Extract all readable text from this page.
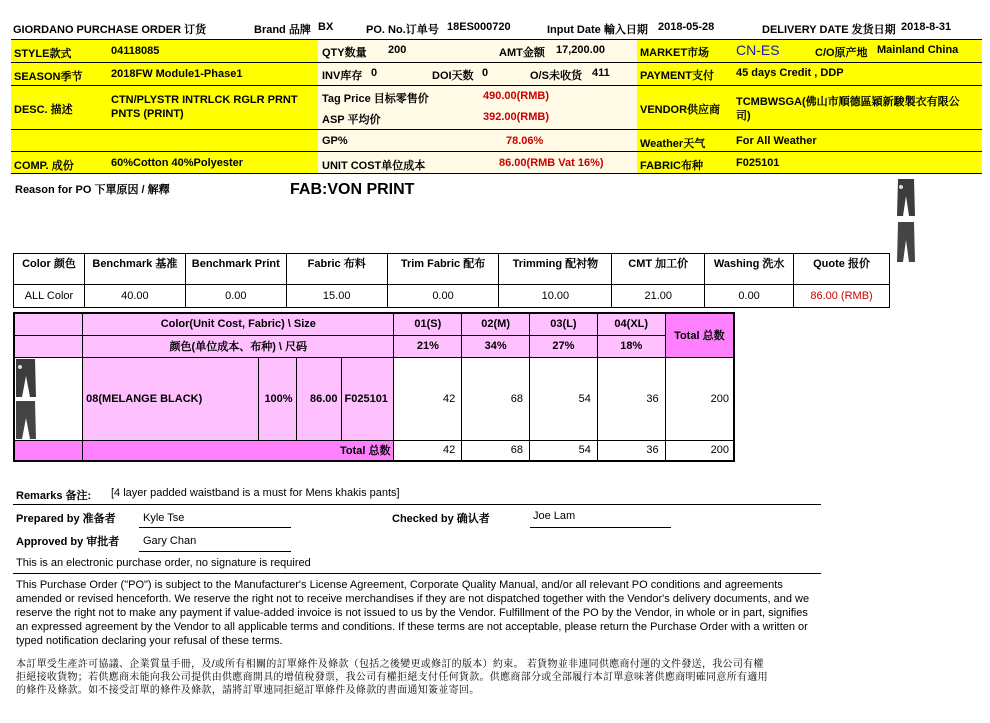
GIORDANO PURCHASE ORDER 订货	Brand 品牌 BX	PO. No.订单号 18ES000720	Input Date 輸入日期 2018-05-28	DELIVERY DATE 发货日期 2018-8-31
STYLE款式	04118085
SEASON季节	2018FW Module1-Phase1
DESC. 描述
CTN/PLYSTR INTRLCK RGLR PRNT
PNTS (PRINT)
COMP. 成份	60%Cotton 40%Polyester
QTY数量 200	AMT金额 17,200.00
INV库存 0	DOI天数 0	O/S未收货 411
Tag Price 目标零售价	490.00(RMB)
ASP 平均价	392.00(RMB)
GP%	78.06%
UNIT COST单位成本	86.00(RMB Vat 16%)
MARKET市场 CN-ES	C/O原产地 Mainland China
PAYMENT支付 45 days Credit , DDP
VENDOR供应商
TCMBWSGA(佛山市順德區穎新駿製衣有限公
司)
Weather天气	For All Weather
FABRIC布种	F025101
Reason for PO 下單原因 / 解釋	FAB:VON PRINT
Color 颜色	Benchmark 基准	Benchmark Print	Fabric 布料	Trim Fabric 配布	Trimming 配衬物	CMT 加工价	Washing 洗水	Quote 报价
ALL Color	40.00	0.00	15.00	0.00	10.00	21.00	0.00	86.00 (RMB)
	Color(Unit Cost, Fabric) \ Size				01(S)	02(M)	03(L)	04(XL)	Total 总数
	颜色(单位成本、布种) \ 尺码				21%	34%	27%	18%	

	08(MELANGE BLACK)	100%	86.00	F025101	42	68	54	36	200
	Total 总数				42	68	54	36	200
Remarks 备注: [4 layer padded waistband is a must for Mens khakis pants]
Prepared by 准备者 Kyle Tse	Checked by 确认者	Joe Lam
Approved by 审批者 Gary Chan
This is an electronic purchase order, no signature is required
This Purchase Order ("PO") is subject to the Manufacturer's License Agreement, Corporate Quality Manual, and/or all relevant PO conditions and agreements
amended or revised henceforth. We reserve the right not to receive merchandises if they are not dispatched together with the Vendor's delivery documents, and we
reserve the right not to make any payment if value-added invoice is not issued to us by the Vendor. Fulfillment of the PO by the Vendor, in whole or in part, signifies
an expressed agreement by the Vendor to all applicable terms and conditions. If these terms are not acceptable, please return the Purchase Order with a written or
typed notification declaring your refusal of these terms.
本訂單受生產許可協議、企業質量手冊，及/或所有相關的訂單條件及條款（包括之後變更或修訂的版本）約束。 若貨物並非連同供應商付運的文件發送，我公司有權
拒絕接收貨物；若供應商未能向我公司提供由供應商開具的增值稅發票，我公司有權拒絕支付任何貨款。供應商部分或全部履行本訂單意味著供應商明確同意所有適用
的條件及條款。如不接受訂單的條件及條款，請將訂單連同拒絕訂單條件及條款的書面通知簽並寄回。
